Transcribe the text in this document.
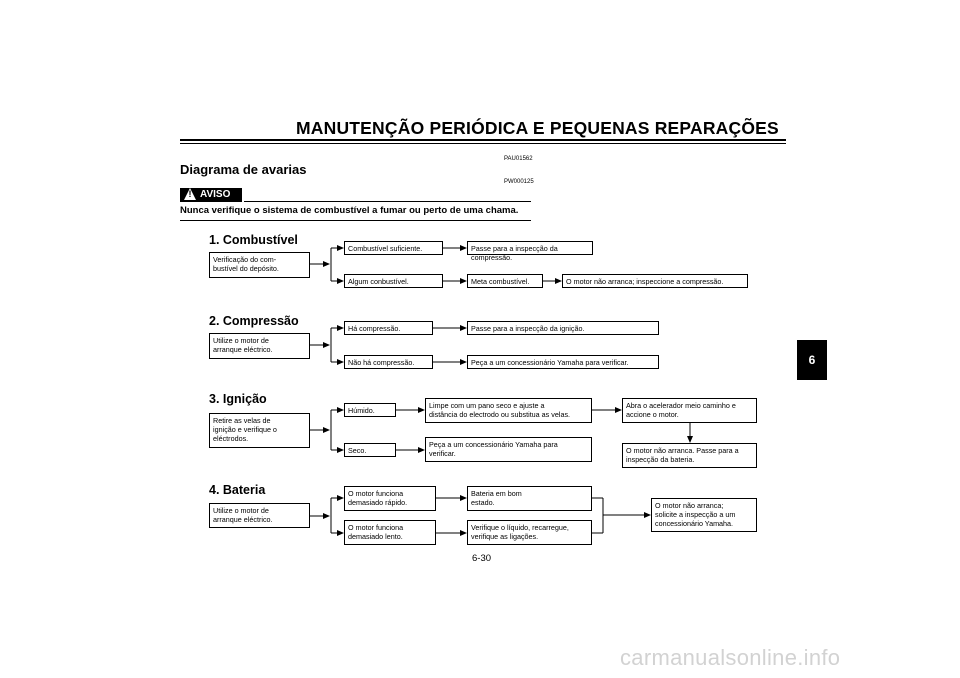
MANUTENÇÃO PERIÓDICA E PEQUENAS REPARAÇÕES
PAU01562
Diagrama de avarias
PW000125
! AVISO
Nunca verifique o sistema de combustível a fumar ou perto de uma chama.
1. Combustível
Verificação do com-
bustível do depósito.
Combustível suficiente.	Passe para a inspecção da compressão.
Algum conbustível.	Meta combustível.	O motor não arranca; inspeccione a compressão.
2. Compressão
Utilize o motor de
arranque eléctrico.
Há compressão.	Passe para a inspecção da ignição.
Não há compressão.	Peça a um concessionário Yamaha para verificar.
3. Ignição
Retire as velas de
ignição e verifique o
eléctrodos.
Húmido.
Limpe com um pano seco e ajuste a
distância do electrodo ou substitua as velas.
Abra o acelerador meio caminho e
accione o motor.
O motor não arranca. Passe para a
inspecção da bateria.
Seco.
Peça a um concessionário Yamaha para
verificar.
4. Bateria
Utilize o motor de
arranque eléctrico.
O motor funciona
demasiado rápido.
Bateria em bom
estado.
O motor funciona
demasiado lento.
Verifique o líquido, recarregue,
verifique as ligações.
O motor não arranca;
solicite a inspecção a um
concessionário Yamaha.
6
6-30
carmanualsonline.info
